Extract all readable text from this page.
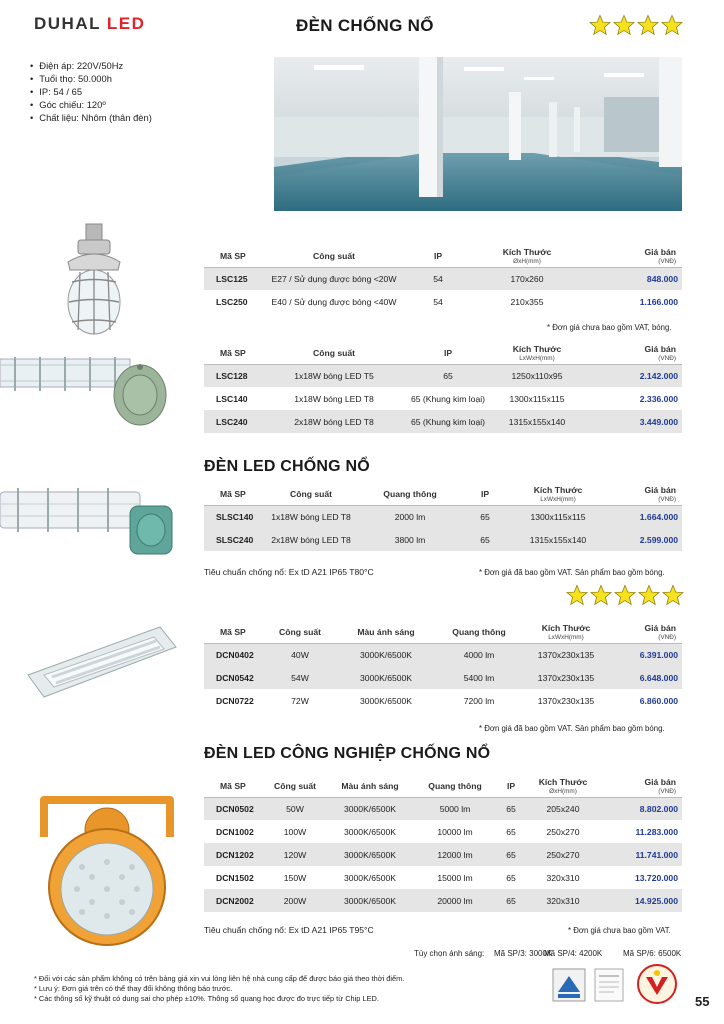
DUHAL LED	ĐÈN CHỐNG NỔ
• Điện áp: 220V/50Hz
• Tuổi thọ: 50.000h
• IP: 54 / 65
• Góc chiếu: 120º
• Chất liệu: Nhôm (thân đèn)
Mã SP	Công suất	IP	Kích Thước
ØxH(mm)	Giá bán
(VNĐ)

LSC125	E27 / Sử dụng được bóng <20W	54	170x260	848.000
LSC250	E40 / Sử dụng được bóng <40W	54	210x355	1.166.000
* Đơn giá chưa bao gồm VAT, bóng.
Mã SP	Công suất	IP	Kích Thước
LxWxH(mm)	Giá bán
(VNĐ)

LSC128	1x18W bóng LED T5	65	1250x110x95	2.142.000
LSC140	1x18W bóng LED T8	65 (Khung kim loại)	1300x115x115	2.336.000
LSC240	2x18W bóng LED T8	65 (Khung kim loại)	1315x155x140	3.449.000
ĐÈN LED CHỐNG NỔ
Mã SP	Công suất	Quang thông	IP	Kích Thước
LxWxH(mm)	Giá bán
(VNĐ)

SLSC140	1x18W bóng LED T8	2000 lm	65	1300x115x115	1.664.000
SLSC240	2x18W bóng LED T8	3800 lm	65	1315x155x140	2.599.000
Tiêu chuẩn chống nổ: Ex tD A21 IP65 T80°C	* Đơn giá đã bao gồm VAT. Sản phẩm bao gồm bóng.
Mã SP	Công suất	Màu ánh sáng	Quang thông	Kích Thước
LxWxH(mm)	Giá bán
(VNĐ)

DCN0402	40W	3000K/6500K	4000 lm	1370x230x135	6.391.000
DCN0542	54W	3000K/6500K	5400 lm	1370x230x135	6.648.000
DCN0722	72W	3000K/6500K	7200 lm	1370x230x135	6.860.000
* Đơn giá đã bao gồm VAT. Sản phẩm bao gồm bóng.
ĐÈN LED CÔNG NGHIỆP CHỐNG NỔ
Mã SP	Công suất	Màu ánh sáng	Quang thông	IP	Kích Thước
ØxH(mm)	Giá bán
(VNĐ)

DCN0502	50W	3000K/6500K	5000 lm	65	205x240	8.802.000
DCN1002	100W	3000K/6500K	10000 lm	65	250x270	11.283.000
DCN1202	120W	3000K/6500K	12000 lm	65	250x270	11.741.000
DCN1502	150W	3000K/6500K	15000 lm	65	320x310	13.720.000
DCN2002	200W	3000K/6500K	20000 lm	65	320x310	14.925.000
Tiêu chuẩn chống nổ: Ex tD A21 IP65 T95°C	* Đơn giá chưa bao gồm VAT.
Tùy chọn ánh sáng: Mã SP/3: 3000K
Mã SP/4: 4200K	Mã SP/6: 6500K
* Đối với các sản phẩm không có trên bảng giá xin vui lòng liên hệ nhà cung cấp để được báo giá theo thời điểm.
* Lưu ý: Đơn giá trên có thể thay đổi không thông báo trước.
* Các thông số kỹ thuật có dung sai cho phép ±10%. Thông số quang học được đo trực tiếp từ Chip LED.	55
